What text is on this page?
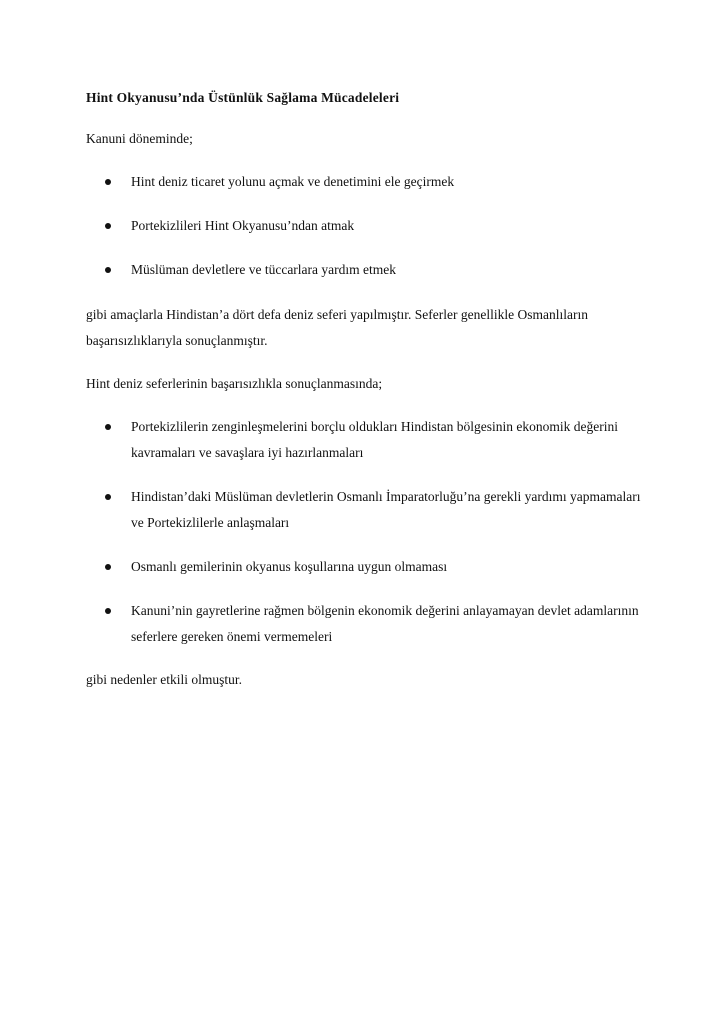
Hint Okyanusu’nda Üstünlük Sağlama Mücadeleleri
Kanuni döneminde;
Hint deniz ticaret yolunu açmak ve denetimini ele geçirmek
Portekizlileri Hint Okyanusu’ndan atmak
Müslüman devletlere ve tüccarlara yardım etmek
gibi amaçlarla Hindistan’a dört defa deniz seferi yapılmıştır. Seferler genellikle Osmanlıların başarısızlıklarıyla sonuçlanmıştır.
Hint deniz seferlerinin başarısızlıkla sonuçlanmasında;
Portekizlilerin zenginleşmelerini borçlu oldukları Hindistan bölgesinin ekonomik değerini kavramaları ve savaşlara iyi hazırlanmaları
Hindistan’daki Müslüman devletlerin Osmanlı İmparatorluğu’na gerekli yardımı yapmamaları ve Portekizlilerle anlaşmaları
Osmanlı gemilerinin okyanus koşullarına uygun olmaması
Kanuni’nin gayretlerine rağmen bölgenin ekonomik değerini anlayamayan devlet adamlarının seferlere gereken önemi vermemeleri
gibi nedenler etkili olmuştur.
